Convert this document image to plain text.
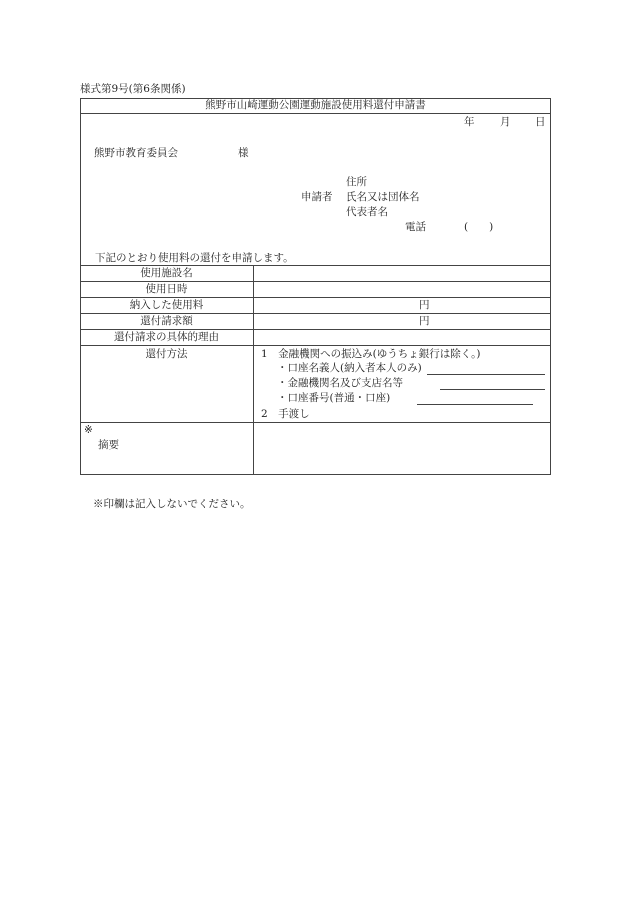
様式第9号(第6条関係)
熊野市山崎運動公園運動施設使用料還付申請書
年 月 日
熊野市教育委員会	様
住所
申請者 氏名又は団体名
代表者名
電話	(　　)
下記のとおり使用料の還付を申請します。
使用施設名
使用日時
納入した使用料
還付請求額
還付請求の具体的理由
還付方法
円
円
1　金融機関への振込み(ゆうちょ銀行は除く。)
・口座名義人(納入者本人のみ)
・金融機関名及び支店名等
・口座番号(普通・口座)
2　手渡し
※
摘要
※印欄は記入しないでください。
